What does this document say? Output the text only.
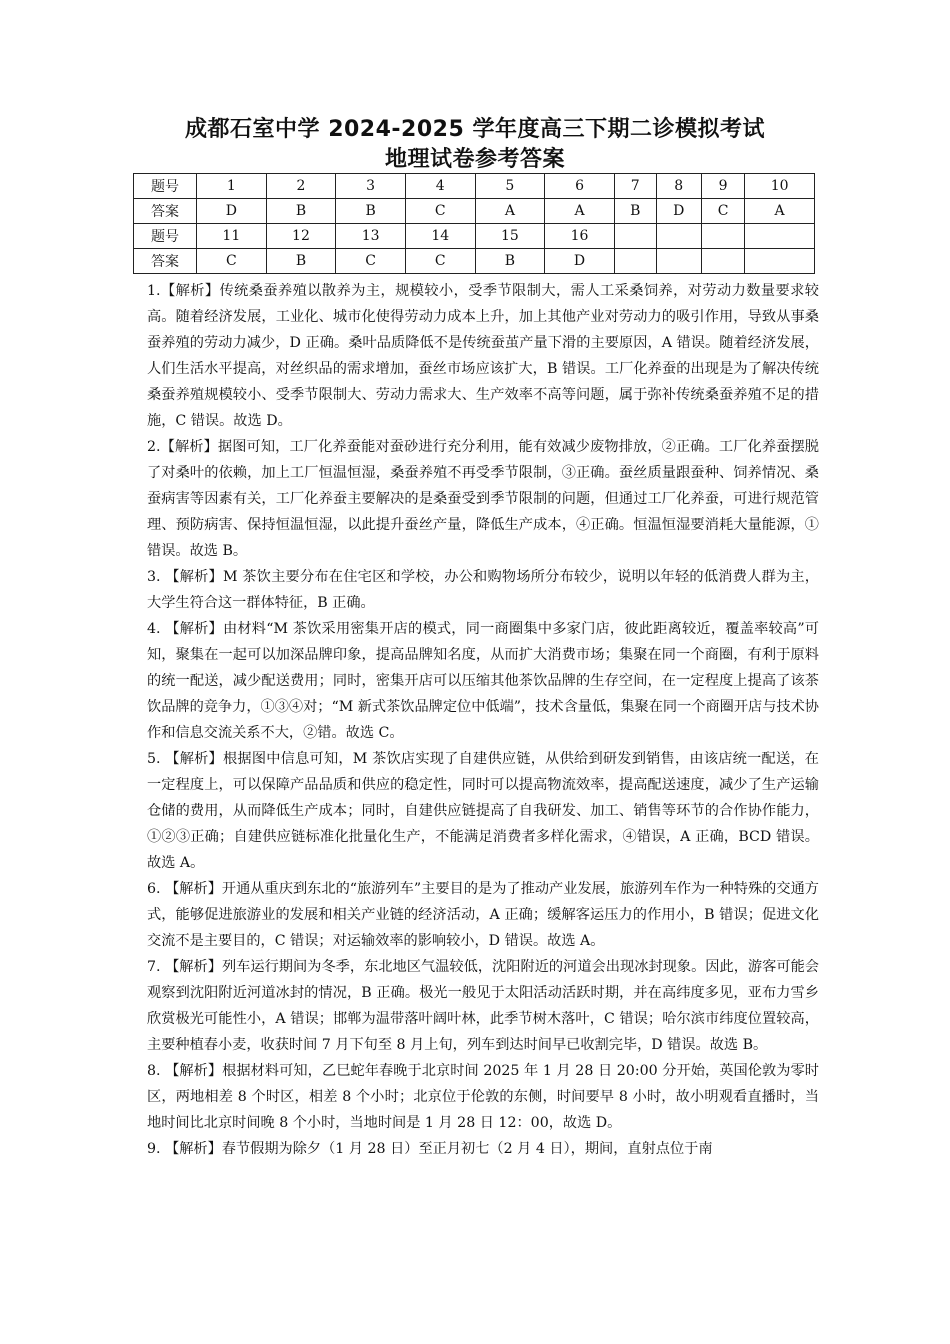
成都石室中学 2024-2025 学年度高三下期二诊模拟考试
地理试卷参考答案
题号	1	2	3	4	5	6	7	8	9	10
答案	D	B	B	C	A	A	B	D	C	A
题号	11	12	13	14	15	16				
答案	C	B	C	C	B	D				

1.【解析】传统桑蚕养殖以散养为主，规模较小，受季节限制大，需人工采桑饲养，对劳动力数量要求较高。随着经济发展，工业化、城市化使得劳动力成本上升，加上其他产业对劳动力的吸引作用，导致从事桑蚕养殖的劳动力减少，D 正确。桑叶品质降低不是传统蚕茧产量下滑的主要原因，A 错误。随着经济发展，人们生活水平提高，对丝织品的需求增加，蚕丝市场应该扩大，B 错误。工厂化养蚕的出现是为了解决传统桑蚕养殖规模较小、受季节限制大、劳动力需求大、生产效率不高等问题，属于弥补传统桑蚕养殖不足的措施，C 错误。故选 D。

2.【解析】据图可知，工厂化养蚕能对蚕砂进行充分利用，能有效减少废物排放，②正确。工厂化养蚕摆脱了对桑叶的依赖，加上工厂恒温恒湿，桑蚕养殖不再受季节限制，③正确。蚕丝质量跟蚕种、饲养情况、桑蚕病害等因素有关，工厂化养蚕主要解决的是桑蚕受到季节限制的问题，但通过工厂化养蚕，可进行规范管理、预防病害、保持恒温恒湿，以此提升蚕丝产量，降低生产成本，④正确。恒温恒湿要消耗大量能源，①错误。故选 B。

3. 【解析】M 茶饮主要分布在住宅区和学校，办公和购物场所分布较少，说明以年轻的低消费人群为主，大学生符合这一群体特征，B 正确。

4. 【解析】由材料“M 茶饮采用密集开店的模式，同一商圈集中多家门店，彼此距离较近，覆盖率较高”可知，聚集在一起可以加深品牌印象，提高品牌知名度，从而扩大消费市场；集聚在同一个商圈，有利于原料的统一配送，减少配送费用；同时，密集开店可以压缩其他茶饮品牌的生存空间，在一定程度上提高了该茶饮品牌的竞争力，①③④对；“M 新式茶饮品牌定位中低端”，技术含量低，集聚在同一个商圈开店与技术协作和信息交流关系不大，②错。故选 C。

5. 【解析】根据图中信息可知，M 茶饮店实现了自建供应链，从供给到研发到销售，由该店统一配送，在一定程度上，可以保障产品品质和供应的稳定性，同时可以提高物流效率，提高配送速度，减少了生产运输仓储的费用，从而降低生产成本；同时，自建供应链提高了自我研发、加工、销售等环节的合作协作能力，①②③正确；自建供应链标准化批量化生产，不能满足消费者多样化需求，④错误，A 正确，BCD 错误。故选 A。

6. 【解析】开通从重庆到东北的“旅游列车”主要目的是为了推动产业发展，旅游列车作为一种特殊的交通方式，能够促进旅游业的发展和相关产业链的经济活动，A 正确；缓解客运压力的作用小，B 错误；促进文化交流不是主要目的，C 错误；对运输效率的影响较小，D 错误。故选 A。

7. 【解析】列车运行期间为冬季，东北地区气温较低，沈阳附近的河道会出现冰封现象。因此，游客可能会观察到沈阳附近河道冰封的情况，B 正确。极光一般见于太阳活动活跃时期，并在高纬度多见，亚布力雪乡欣赏极光可能性小，A 错误；邯郸为温带落叶阔叶林，此季节树木落叶，C 错误；哈尔滨市纬度位置较高，主要种植春小麦，收获时间 7 月下旬至 8 月上旬，列车到达时间早已收割完毕，D 错误。故选 B。

8. 【解析】根据材料可知，乙巳蛇年春晚于北京时间 2025 年 1 月 28 日 20:00 分开始，英国伦敦为零时区，两地相差 8 个时区，相差 8 个小时；北京位于伦敦的东侧，时间要早 8 小时，故小明观看直播时，当地时间比北京时间晚 8 个小时，当地时间是 1 月 28 日 12：00，故选 D。

9. 【解析】春节假期为除夕（1 月 28 日）至正月初七（2 月 4 日），期间，直射点位于南
